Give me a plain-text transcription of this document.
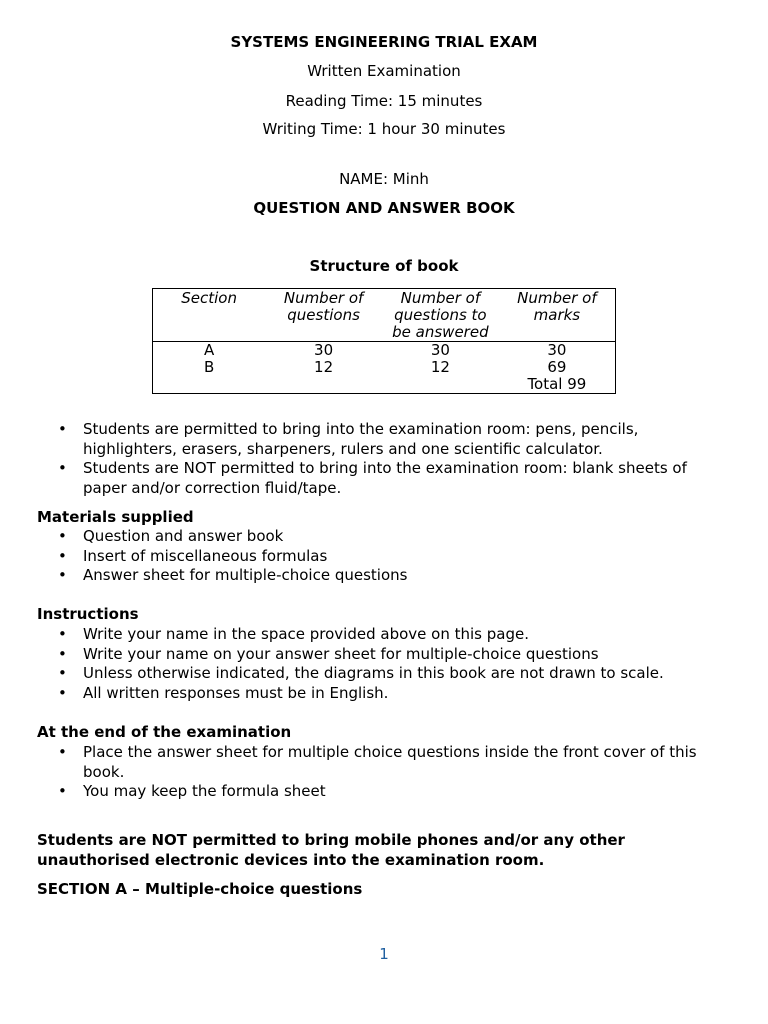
SYSTEMS ENGINEERING TRIAL EXAM
Written Examination
Reading Time: 15 minutes
Writing Time: 1 hour 30 minutes
NAME: Minh
QUESTION AND ANSWER BOOK
Structure of book
Section	Number of questions	Number of questions to be answered	Number of marks
A	30	30	30
B	12	12	69
			Total 99
• Students are permitted to bring into the examination room: pens, pencils, highlighters, erasers, sharpeners, rulers and one scientific calculator.
• Students are NOT permitted to bring into the examination room: blank sheets of paper and/or correction fluid/tape.
Materials supplied
• Question and answer book
• Insert of miscellaneous formulas
• Answer sheet for multiple-choice questions
Instructions
• Write your name in the space provided above on this page.
• Write your name on your answer sheet for multiple-choice questions
• Unless otherwise indicated, the diagrams in this book are not drawn to scale.
• All written responses must be in English.
At the end of the examination
• Place the answer sheet for multiple choice questions inside the front cover of this book.
• You may keep the formula sheet
Students are NOT permitted to bring mobile phones and/or any other unauthorised electronic devices into the examination room.
SECTION A – Multiple-choice questions
1
